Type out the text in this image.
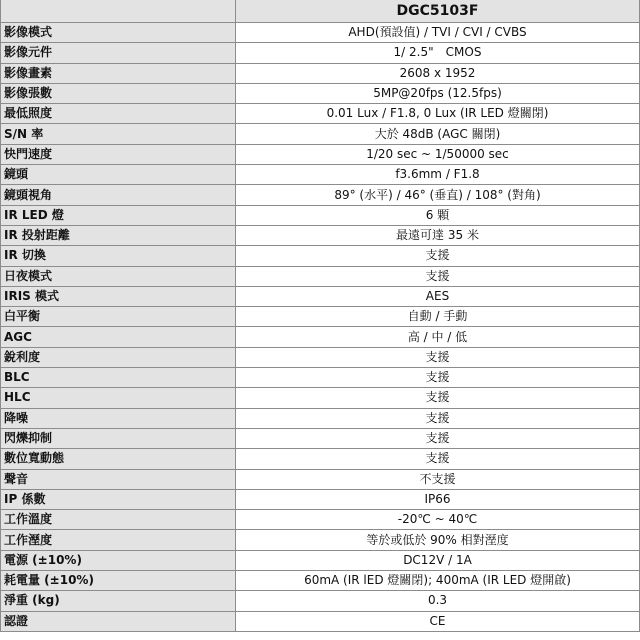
	DGC5103F
影像模式	AHD(預設值) / TVI / CVI / CVBS
影像元件	1/ 2.5"　CMOS
影像畫素	2608 x 1952
影像張數	5MP@20fps (12.5fps)
最低照度	0.01 Lux / F1.8, 0 Lux (IR LED 燈關閉)
S/N 率	大於 48dB (AGC 關閉)
快門速度	1/20 sec ~ 1/50000 sec
鏡頭	f3.6mm / F1.8
鏡頭視角	89° (水平) / 46° (垂直) / 108° (對角)
IR LED 燈	6 顆
IR 投射距離	最遠可達 35 米
IR 切換	支援
日夜模式	支援
IRIS 模式	AES
白平衡	自動 / 手動
AGC	高 / 中 / 低
銳利度	支援
BLC	支援
HLC	支援
降噪	支援
閃爍抑制	支援
數位寬動態	支援
聲音	不支援
IP 係數	IP66
工作溫度	-20℃ ~ 40℃
工作溼度	等於或低於 90% 相對溼度
電源 (±10%)	DC12V / 1A
耗電量 (±10%)	60mA (IR lED 燈關閉); 400mA (IR LED 燈開啟)
淨重 (kg)	0.3
認證	CE
